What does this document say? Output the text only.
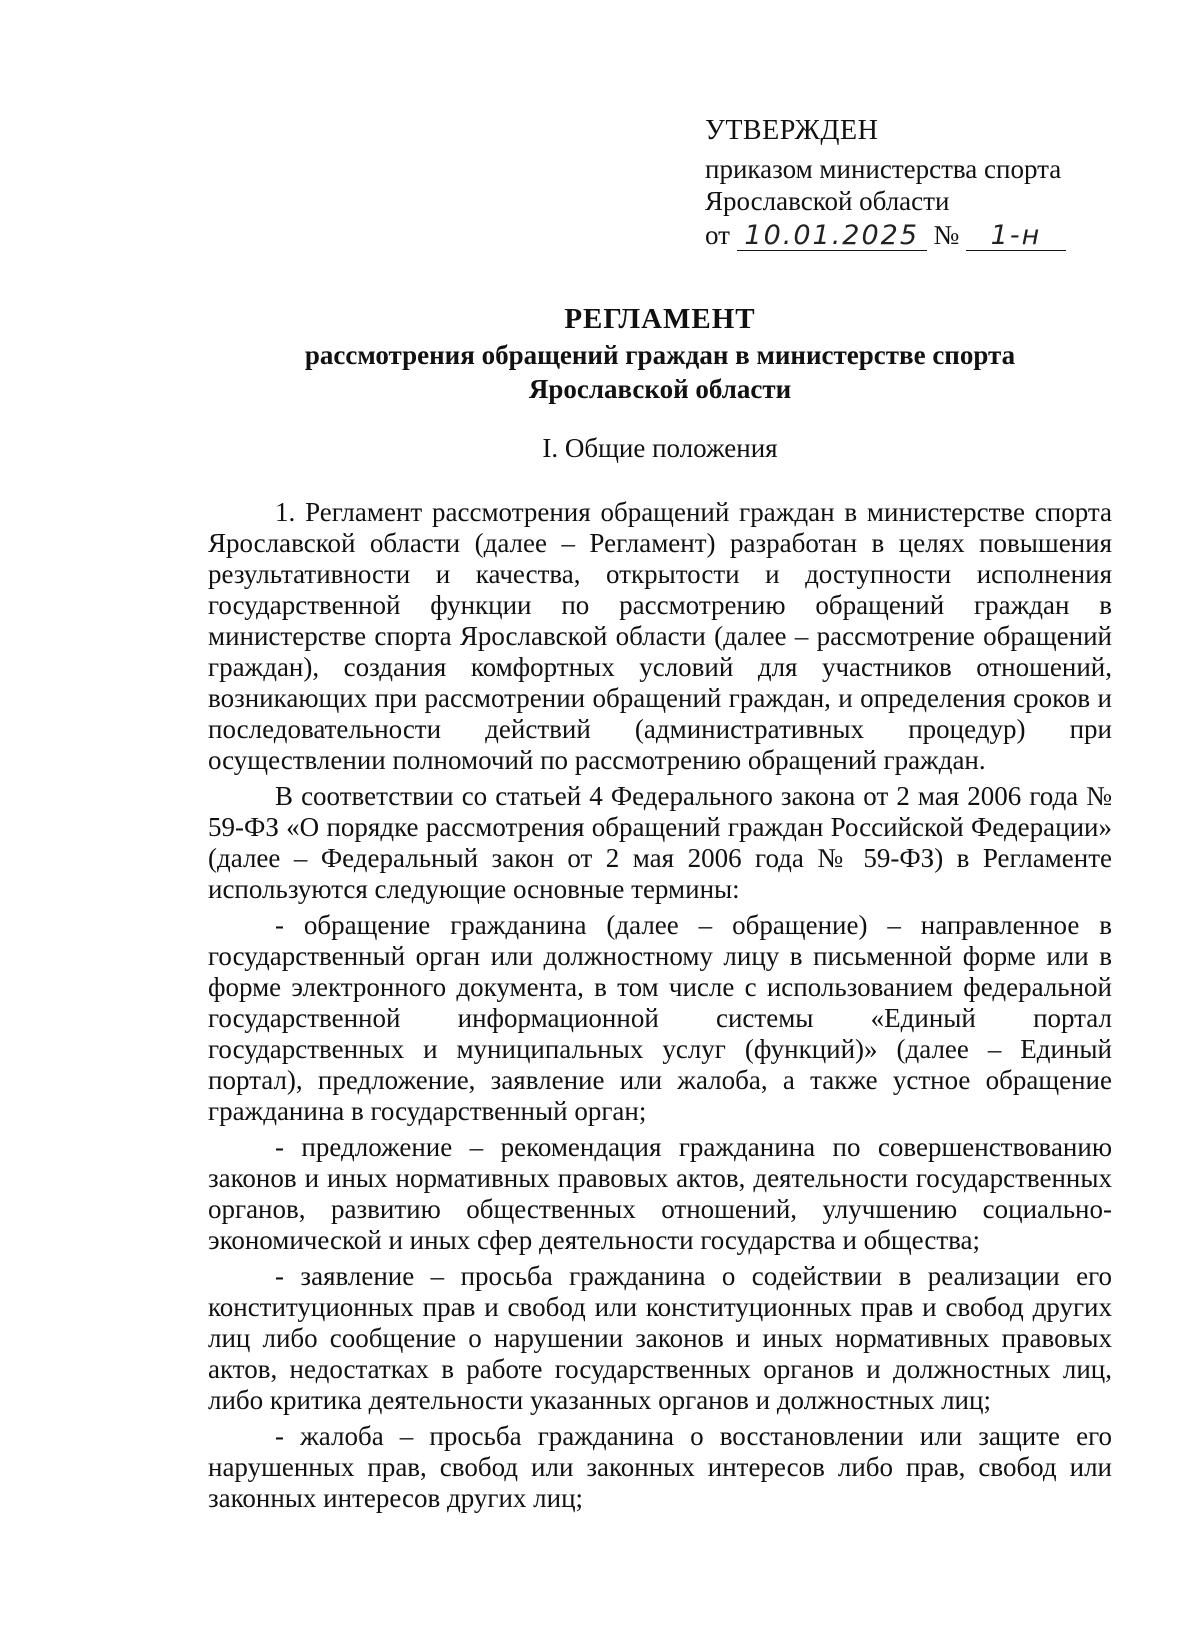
УТВЕРЖДЕН
приказом министерства спорта
Ярославской области
от 10.01.2025 № 1-н
РЕГЛАМЕНТ
рассмотрения обращений граждан в министерстве спорта
Ярославской области
I. Общие положения

1. Регламент рассмотрения обращений граждан в министерстве спорта Ярославской области (далее – Регламент) разработан в целях повышения результативности и качества, открытости и доступности исполнения государственной функции по рассмотрению обращений граждан в министерстве спорта Ярославской области (далее – рассмотрение обращений граждан), создания комфортных условий для участников отношений, возникающих при рассмотрении обращений граждан, и определения сроков и последовательности действий (административных процедур) при осуществлении полномочий по рассмотрению обращений граждан.

В соответствии со статьей 4 Федерального закона от 2 мая 2006 года № 59-ФЗ «О порядке рассмотрения обращений граждан Российской Федерации» (далее – Федеральный закон от 2 мая 2006 года № 59-ФЗ) в Регламенте используются следующие основные термины:

- обращение гражданина (далее – обращение) – направленное в государственный орган или должностному лицу в письменной форме или в форме электронного документа, в том числе с использованием федеральной государственной информационной системы «Единый портал государственных и муниципальных услуг (функций)» (далее – Единый портал), предложение, заявление или жалоба, а также устное обращение гражданина в государственный орган;

- предложение – рекомендация гражданина по совершенствованию законов и иных нормативных правовых актов, деятельности государственных органов, развитию общественных отношений, улучшению социально-экономической и иных сфер деятельности государства и общества;

- заявление – просьба гражданина о содействии в реализации его конституционных прав и свобод или конституционных прав и свобод других лиц либо сообщение о нарушении законов и иных нормативных правовых актов, недостатках в работе государственных органов и должностных лиц, либо критика деятельности указанных органов и должностных лиц;

- жалоба – просьба гражданина о восстановлении или защите его нарушенных прав, свобод или законных интересов либо прав, свобод или законных интересов других лиц;
